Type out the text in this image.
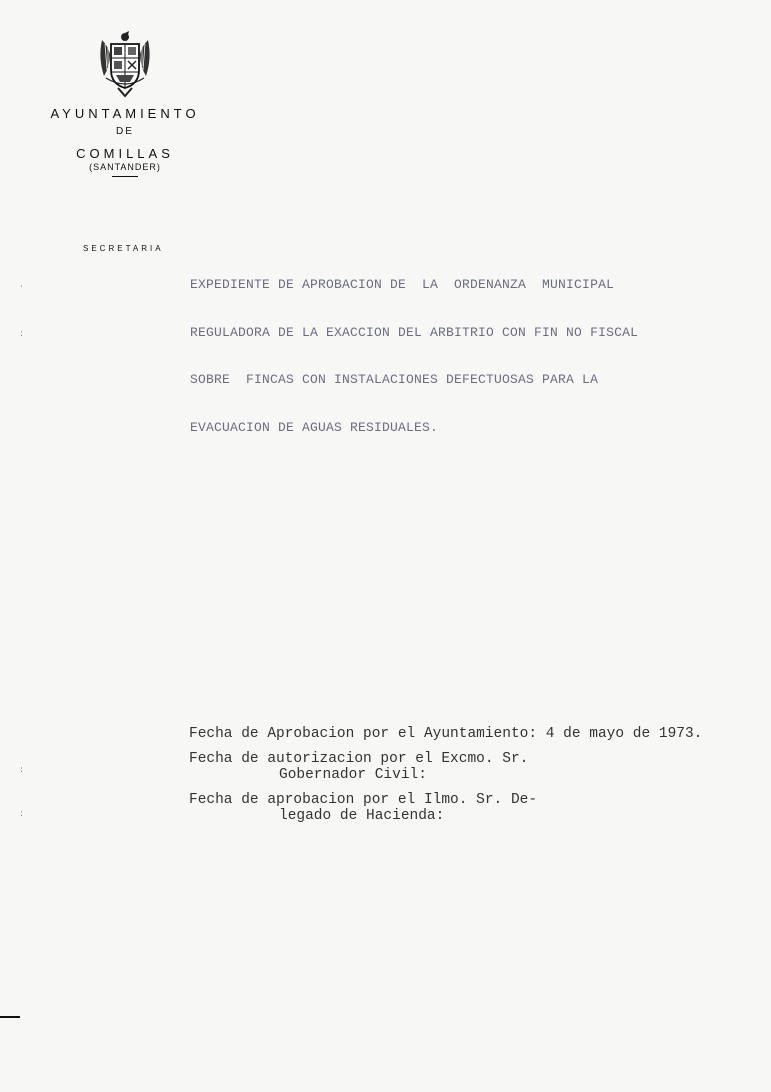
AYUNTAMIENTO
DE
COMILLAS
(SANTANDER)
SECRETARIA
EXPEDIENTE DE APROBACION DE  LA  ORDENANZA  MUNICIPAL
REGULADORA DE LA EXACCION DEL ARBITRIO CON FIN NO FISCAL
SOBRE  FINCAS CON INSTALACIONES DEFECTUOSAS PARA LA
EVACUACION DE AGUAS RESIDUALES.
Fecha de Aprobacion por el Ayuntamiento: 4 de mayo de 1973.
Fecha de autorizacion por el Excmo. Sr.
Gobernador Civil:
Fecha de aprobacion por el Ilmo. Sr. De-
legado de Hacienda:
·
:
:
:
